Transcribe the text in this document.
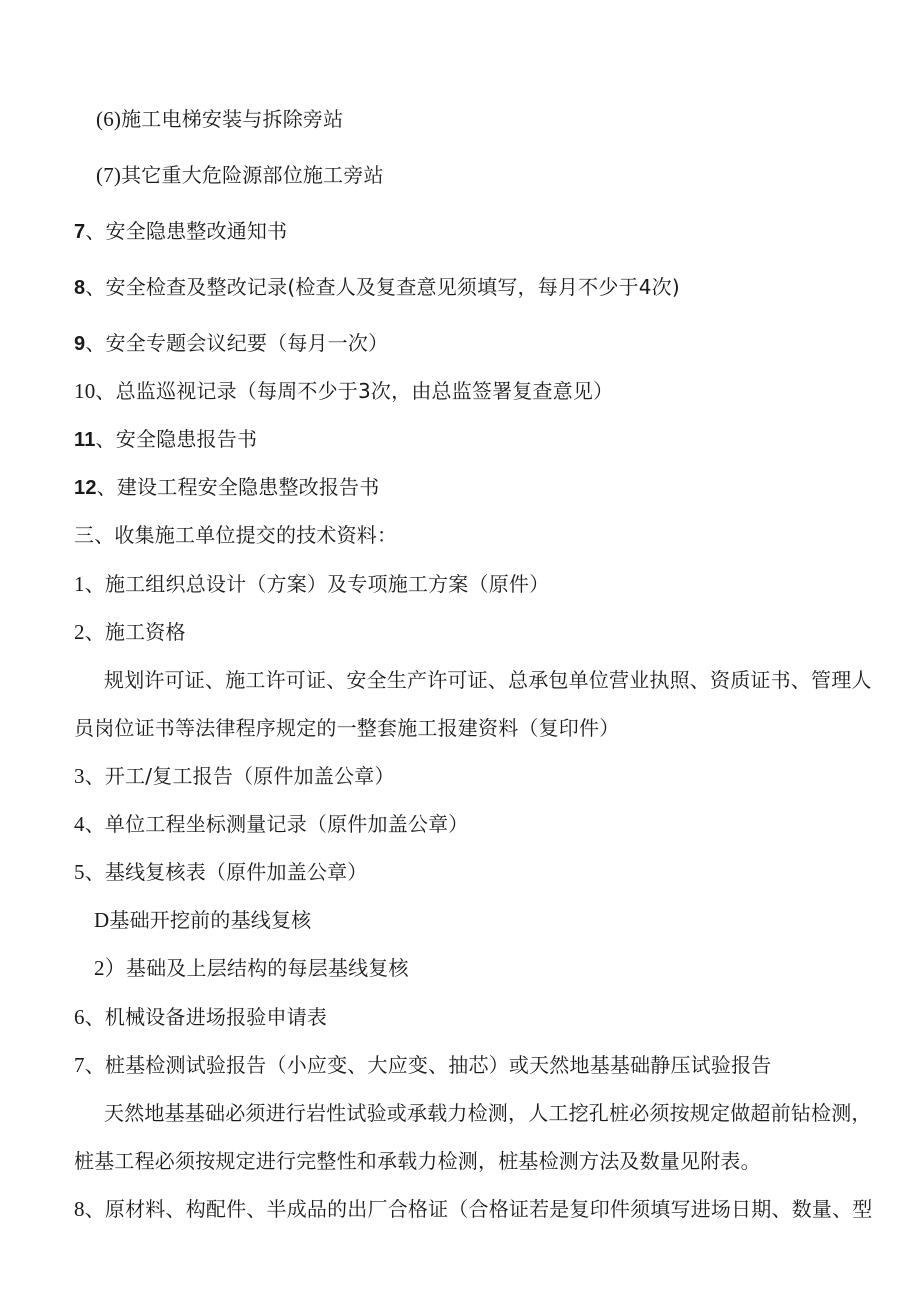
(6)施工电梯安装与拆除旁站
(7)其它重大危险源部位施工旁站
7、安全隐患整改通知书
8、安全检查及整改记录(检查人及复查意见须填写，每月不少于4次)
9、安全专题会议纪要（每月一次）
10、总监巡视记录（每周不少于3次，由总监签署复查意见）
11、安全隐患报告书
12、建设工程安全隐患整改报告书
三、收集施工单位提交的技术资料：
1、施工组织总设计（方案）及专项施工方案（原件）
2、施工资格
规划许可证、施工许可证、安全生产许可证、总承包单位营业执照、资质证书、管理人
员岗位证书等法律程序规定的一整套施工报建资料（复印件）
3、开工/复工报告（原件加盖公章）
4、单位工程坐标测量记录（原件加盖公章）
5、基线复核表（原件加盖公章）
D基础开挖前的基线复核
2）基础及上层结构的每层基线复核
6、机械设备进场报验申请表
7、桩基检测试验报告（小应变、大应变、抽芯）或天然地基基础静压试验报告
天然地基基础必须进行岩性试验或承载力检测，人工挖孔桩必须按规定做超前钻检测，
桩基工程必须按规定进行完整性和承载力检测，桩基检测方法及数量见附表。
8、原材料、构配件、半成品的出厂合格证（合格证若是复印件须填写进场日期、数量、型
